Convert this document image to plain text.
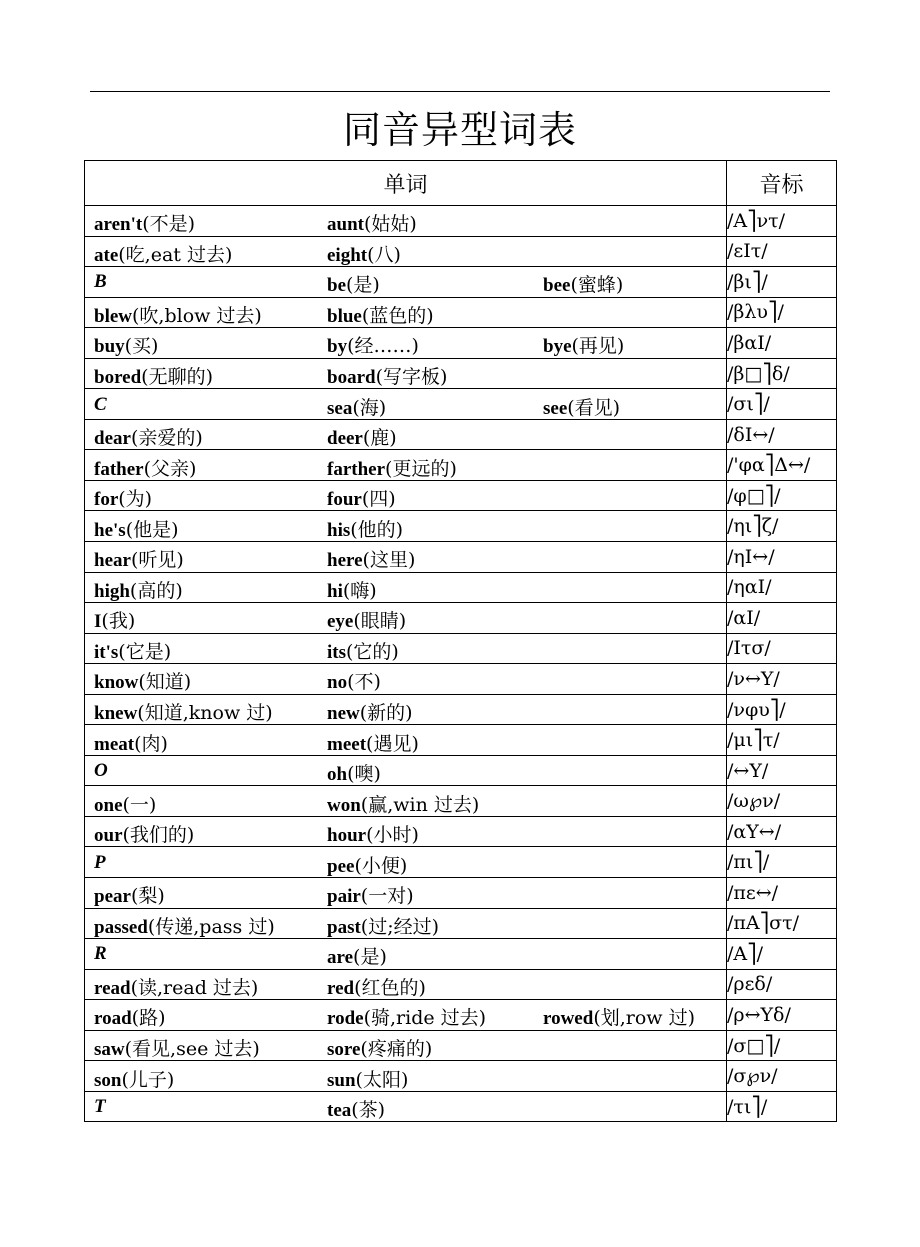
同音异型词表
单词	音标

aren't(不是) aunt(姑姑)	/A⎤ντ/

ate(吃,eat 过去) eight(八)	/εIτ/

B be(是) bee(蜜蜂)	/βι⎤/

blew(吹,blow 过去) blue(蓝色的)	/βλυ⎤/

buy(买) by(经……) bye(再见)	/βαI/

bored(无聊的) board(写字板)	/β□⎤δ/

C sea(海) see(看见)	/σι⎤/

dear(亲爱的) deer(鹿)	/δI↔/

father(父亲) farther(更远的)	/'φα⎤Δ↔/

for(为) four(四)	/φ□⎤/

he's(他是) his(他的)	/ηι⎤ζ/

hear(听见) here(这里)	/ηI↔/

high(高的) hi(嗨)	/ηαI/

I(我) eye(眼睛)	/αI/

it's(它是) its(它的)	/Iτσ/

know(知道) no(不)	/ν↔Y/

knew(知道,know 过) new(新的)	/νφυ⎤/

meat(肉) meet(遇见)	/μι⎤τ/

O oh(噢)	/↔Y/

one(一) won(赢,win 过去)	/ω℘ν/

our(我们的) hour(小时)	/αY↔/

P pee(小便)	/πι⎤/

pear(梨) pair(一对)	/πε↔/

passed(传递,pass 过) past(过;经过)	/πA⎤στ/

R are(是)	/A⎤/

read(读,read 过去) red(红色的)	/ρεδ/

road(路) rode(骑,ride 过去) rowed(划,row 过)	/ρ↔Yδ/

saw(看见,see 过去) sore(疼痛的)	/σ□⎤/

son(儿子) sun(太阳)	/σ℘ν/

T tea(茶)	/τι⎤/
